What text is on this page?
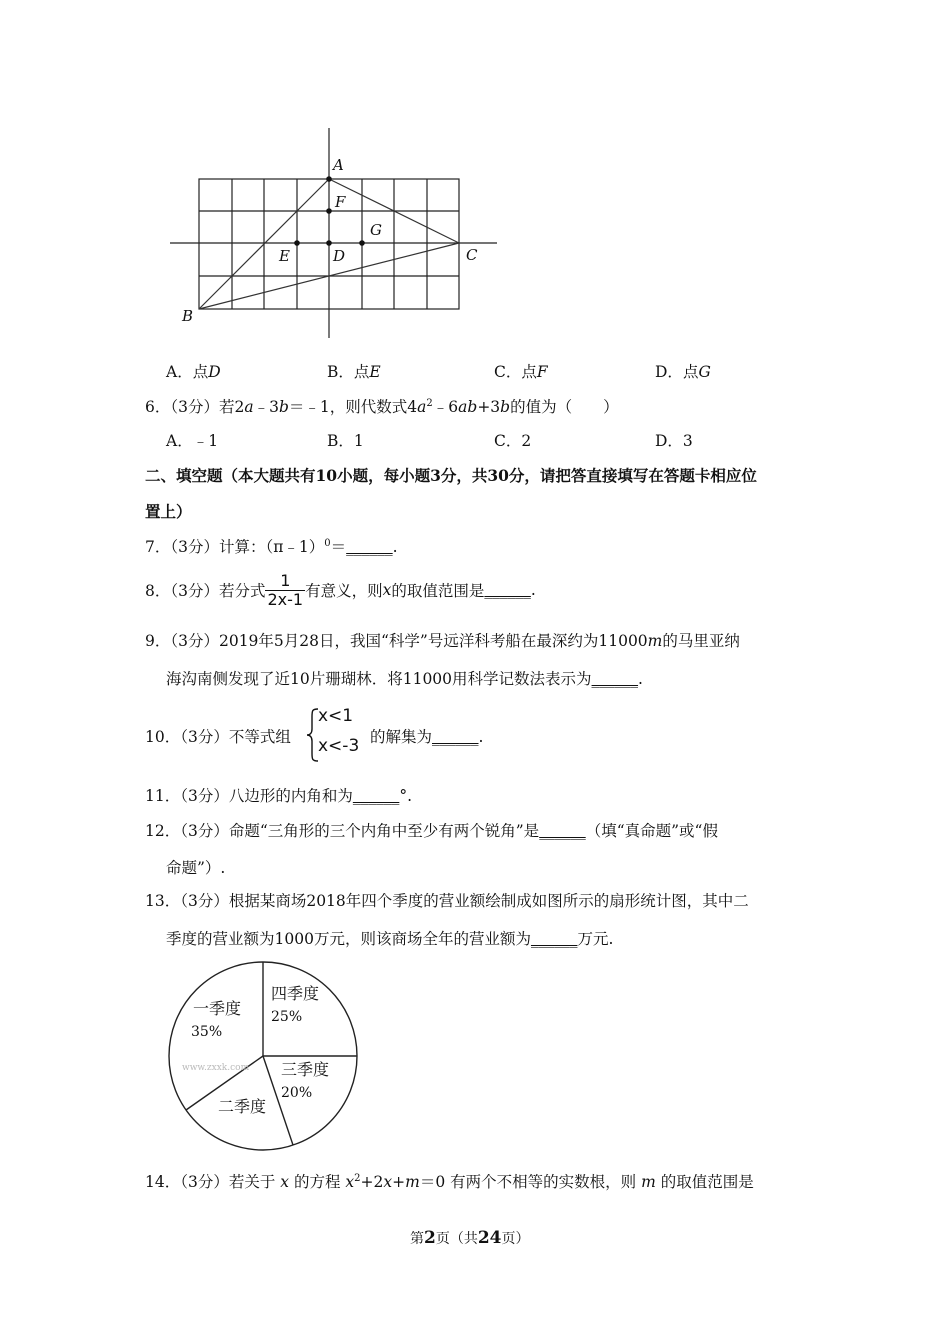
A
F
G
E	D	C
B
A．点D	B．点E	C．点F	D．点G
6．（3分）若2a﹣3b＝﹣1，则代数式$4a^2﹣6ab+3b$的值为（　　）
A．﹣1	B．1	C．2	D．3
二、填空题（本大题共有10小题，每小题3分，共30分，请把答直接填写在答题卡相应位
置上）
7．（3分）计算：（π﹣1）$^0$＝______.
8．（3分）若分式 $\frac{1}{2x-1}$ 有意义，则 x 的取值范围是 ______ .
9．（3分）2019年5月28日，我国“科学”号远洋科考船在最深约为11000m的马里亚纳
海沟南侧发现了近10片珊瑚林．将11000用科学记数法表示为______.
10．（3分）不等式组
x<1
x<-3 的解集为______.
11．（3分）八边形的内角和为______°.
12．（3分）命题“三角形的三个内角中至少有两个锐角”是______（填“真命题”或“假
命题”）.
13．（3分）根据某商场2018年四个季度的营业额绘制成如图所示的扇形统计图，其中二
季度的营业额为1000万元，则该商场全年的营业额为______万元.
www.zxxk.com
一季度
35%
四季度
25%
三季度
20%
二季度
14．（3分）若关于 x 的方程 $x^2+2x+m=0$ 有两个不相等的实数根，则 m 的取值范围是
第2页（共24页）
